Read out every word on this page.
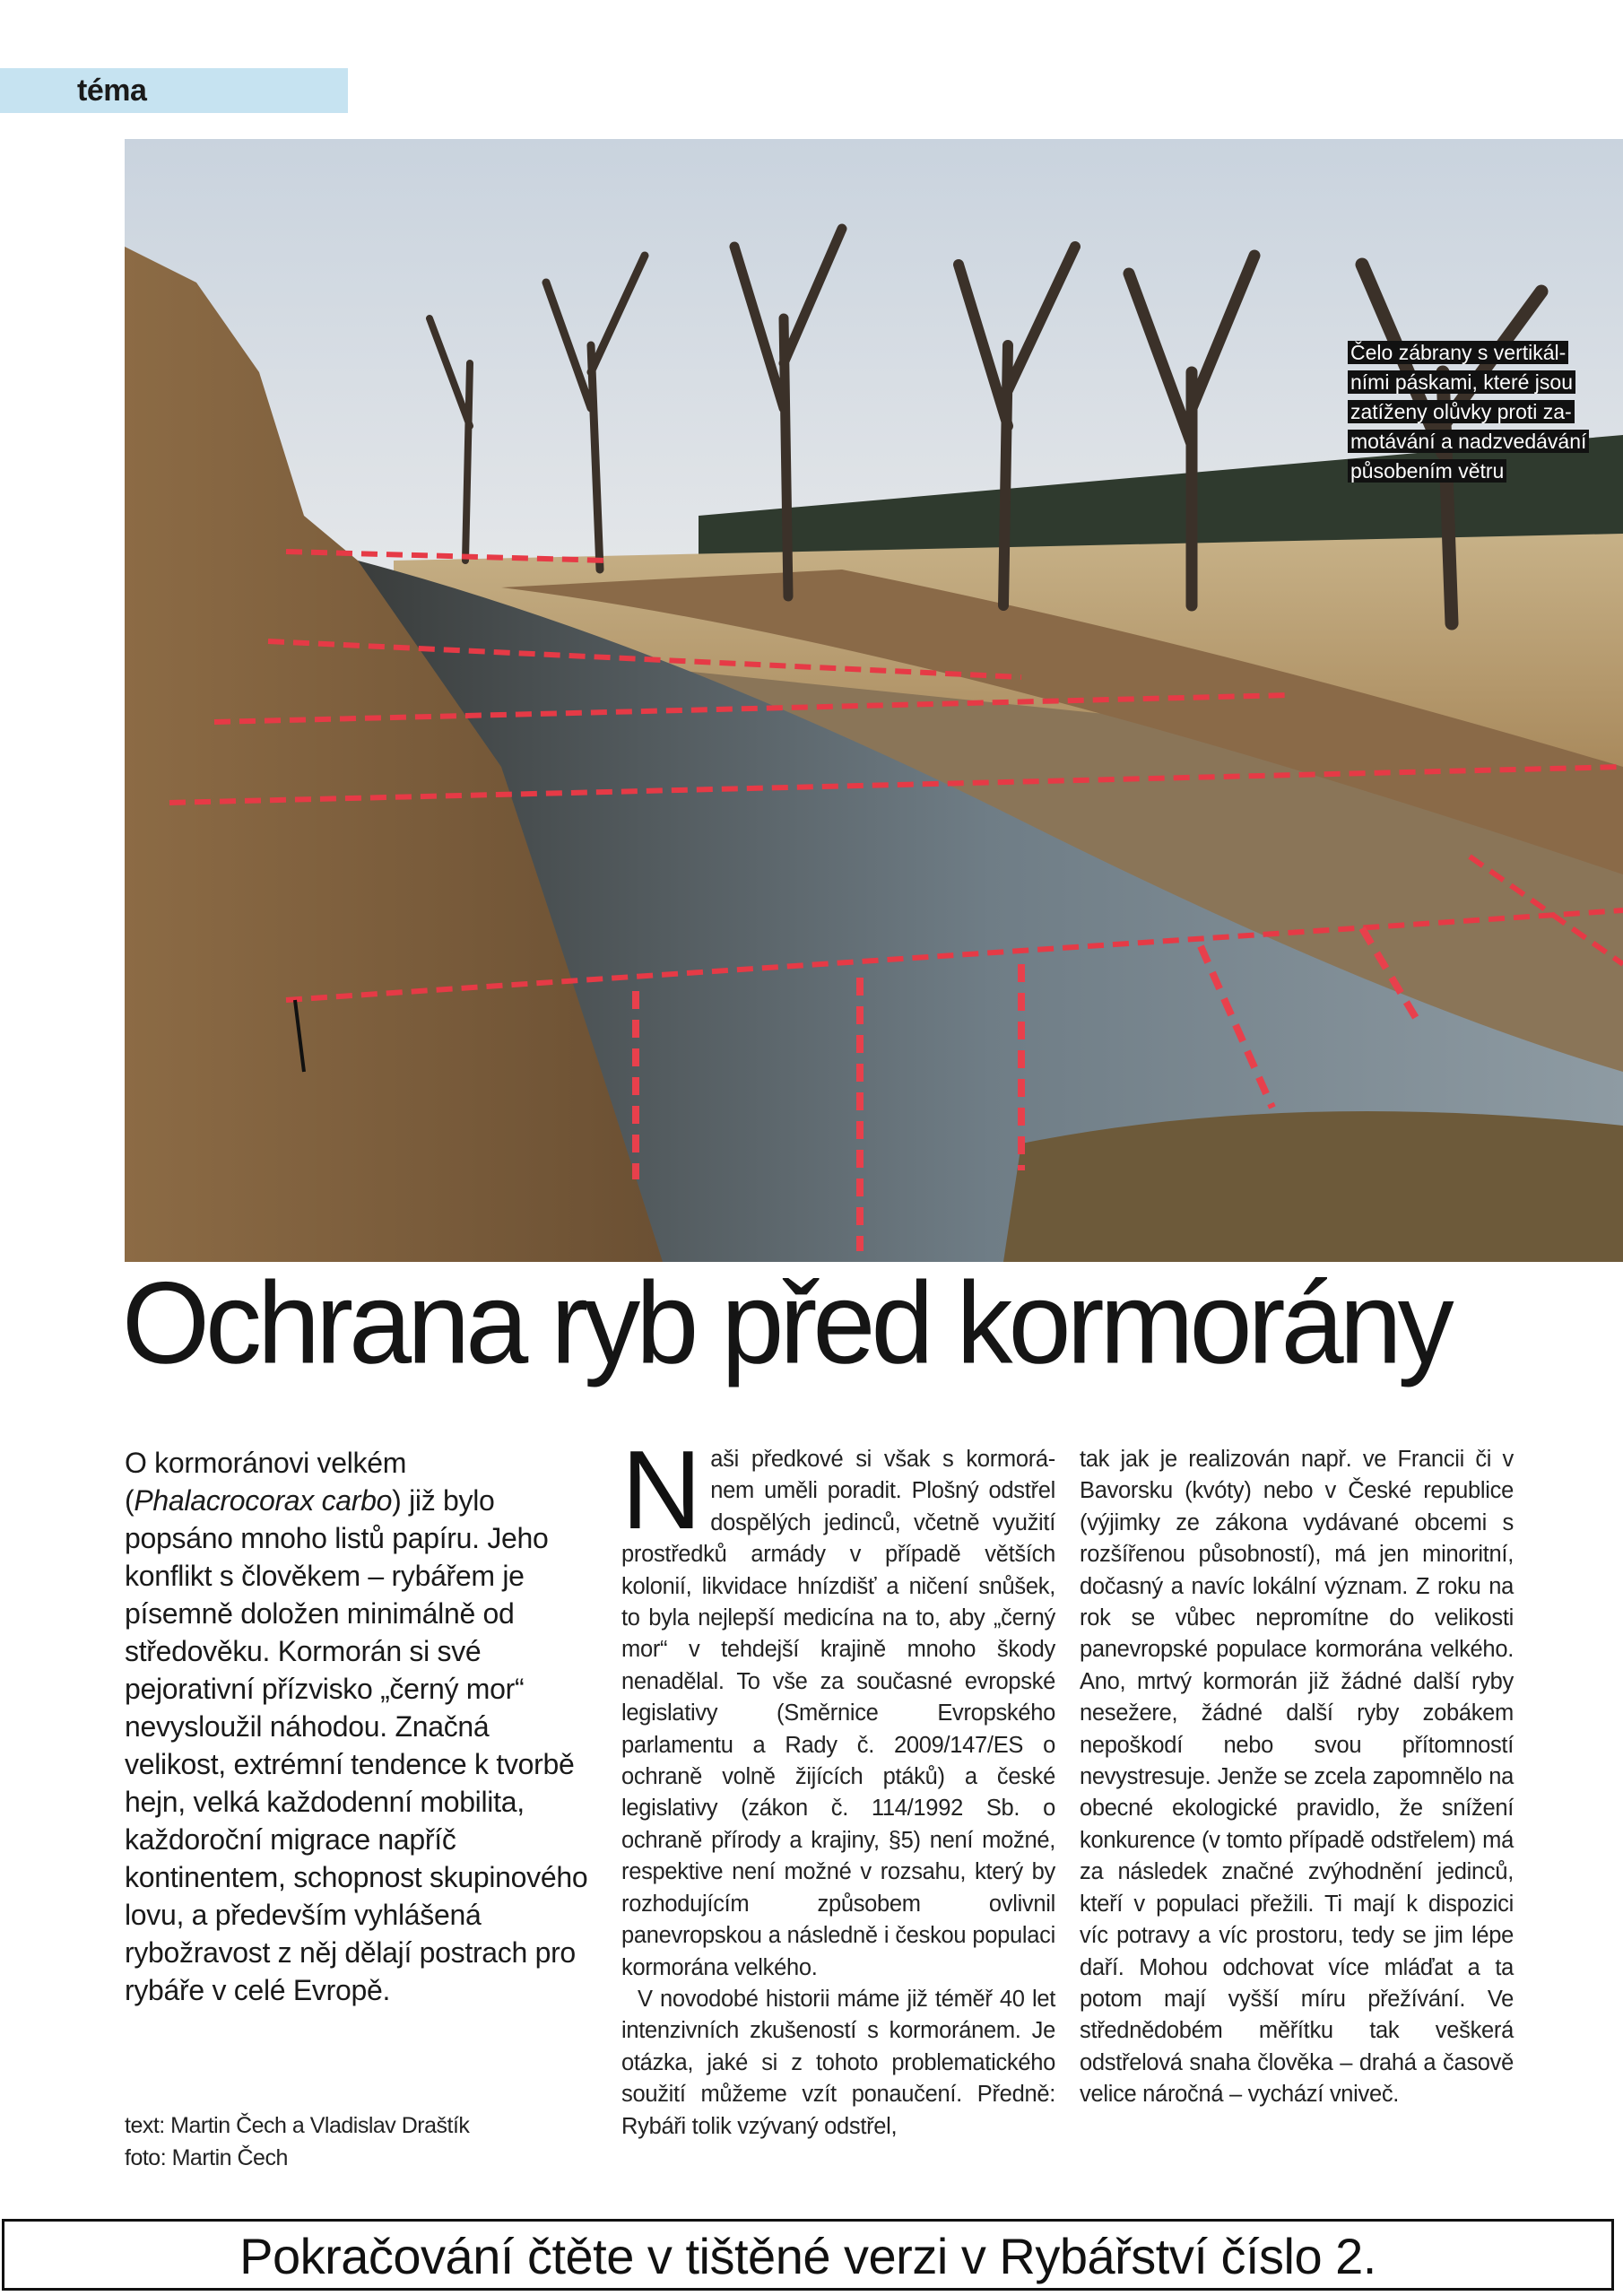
téma
Čelo zábrany s vertikál-
ními páskami, které jsou
zatíženy olůvky proti za-
motávání a nadzvedávání
působením větru
Ochrana ryb před kormorány

O kormoránovi velkém (Phalacrocorax carbo) již bylo popsáno mnoho listů papíru. Jeho konflikt s člověkem – rybářem je písemně doložen minimálně od středověku. Kormorán si své pejorativní přízvisko „černý mor“ nevysloužil náhodou. Značná velikost, extrémní tendence k tvorbě hejn, velká každodenní mobilita, každoroční migrace napříč kontinentem, schopnost skupinového lovu, a především vyhlášená rybožravost z něj dělají postrach pro rybáře v celé Evropě.

text: Martin Čech a Vladislav Draštík
foto: Martin Čech
N aši předkové si však s kormorá-nem uměli poradit. Plošný odstřel dospělých jedinců, včetně využití prostředků armády v případě větších kolonií, likvidace hnízdišť a ničení snůšek, to byla nejlepší medicína na to, aby „černý mor“ v tehdejší krajině mnoho škody nenadělal. To vše za současné evropské legislativy (Směrnice Evropského parlamentu a Rady č. 2009/147/ES o ochraně volně žijících ptáků) a české legislativy (zákon č. 114/1992 Sb. o ochraně přírody a krajiny, §5) není možné, respektive není možné v rozsahu, který by rozhodujícím způsobem ovlivnil panevropskou a následně i českou populaci kormorána velkého.

V novodobé historii máme již téměř 40 let intenzivních zkušeností s kormoránem. Je otázka, jaké si z tohoto problematického soužití můžeme vzít ponaučení. Předně: Rybáři tolik vzývaný odstřel,

tak jak je realizován např. ve Francii či v Bavorsku (kvóty) nebo v České republice (výjimky ze zákona vydávané obcemi s rozšířenou působností), má jen minoritní, dočasný a navíc lokální význam. Z roku na rok se vůbec nepromítne do velikosti panevropské populace kormorána velkého. Ano, mrtvý kormorán již žádné další ryby nesežere, žádné další ryby zobákem nepoškodí nebo svou přítomností nevystresuje. Jenže se zcela zapomnělo na obecné ekologické pravidlo, že snížení konkurence (v tomto případě odstřelem) má za následek značné zvýhodnění jedinců, kteří v populaci přežili. Ti mají k dispozici víc potravy a víc prostoru, tedy se jim lépe daří. Mohou odchovat více mláďat a ta potom mají vyšší míru přežívání. Ve střednědobém měřítku tak veškerá odstřelová snaha člověka – drahá a časově velice náročná – vychází vniveč.

Pokračování čtěte v tištěné verzi v Rybářství číslo 2.
